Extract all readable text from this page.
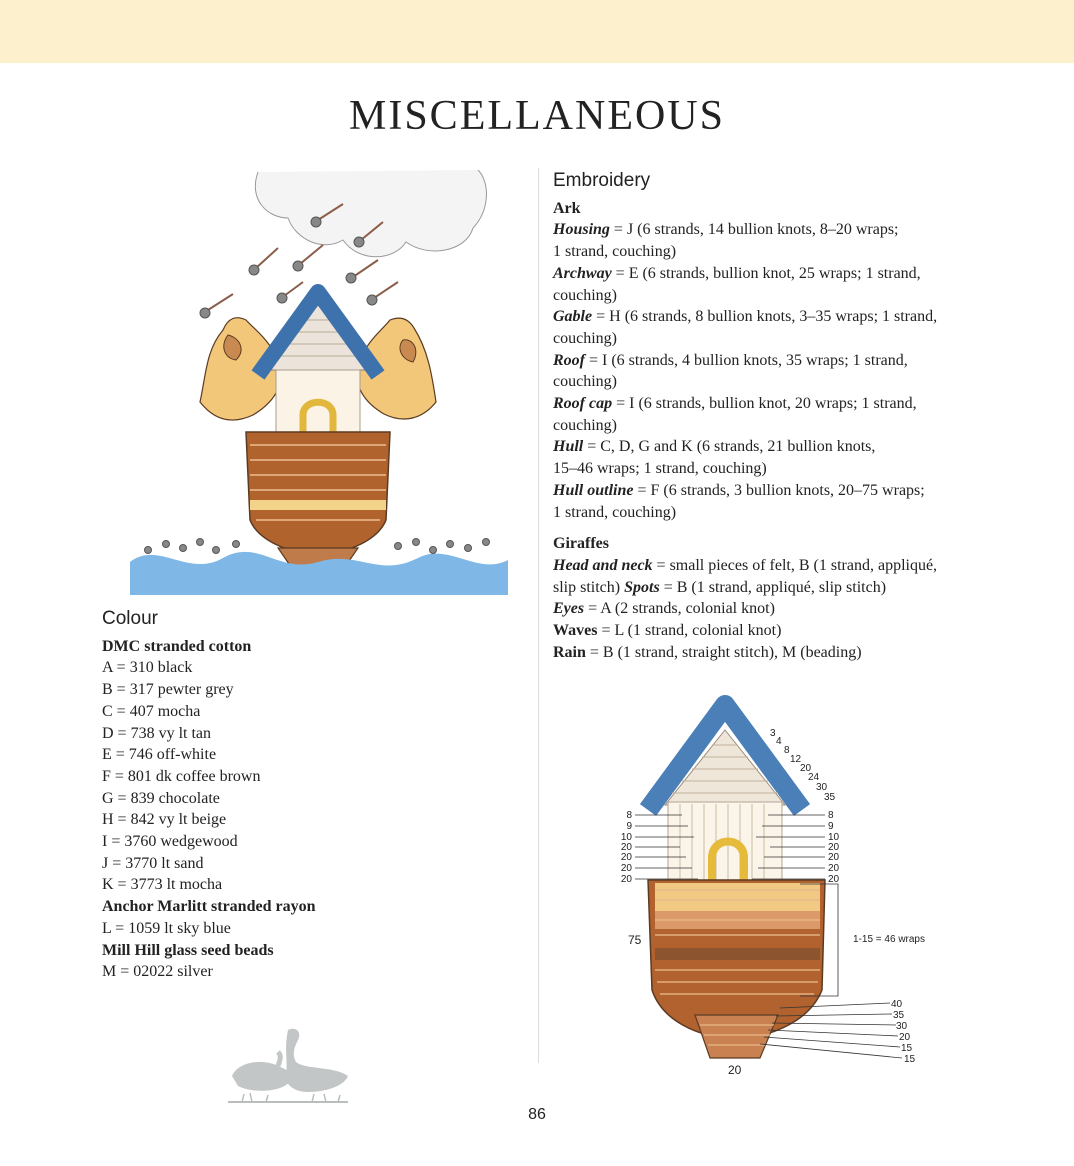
MISCELLANEOUS
Colour
DMC stranded cotton
A = 310 black
B = 317 pewter grey
C = 407 mocha
D = 738 vy lt tan
E = 746 off-white
F = 801 dk coffee brown
G = 839 chocolate
H = 842 vy lt beige
I = 3760 wedgewood
J = 3770 lt sand
K = 3773 lt mocha
Anchor Marlitt stranded rayon
L = 1059 lt sky blue
Mill Hill glass seed beads
M = 02022 silver
Embroidery
Ark

Housing = J (6 strands, 14 bullion knots, 8–20 wraps;
1 strand, couching)

Archway = E (6 strands, bullion knot, 25 wraps; 1 strand,
couching)

Gable = H (6 strands, 8 bullion knots, 3–35 wraps; 1 strand,
couching)

Roof = I (6 strands, 4 bullion knots, 35 wraps; 1 strand,
couching)

Roof cap = I (6 strands, bullion knot, 20 wraps; 1 strand,
couching)

Hull = C, D, G and K (6 strands, 21 bullion knots,
15–46 wraps; 1 strand, couching)

Hull outline = F (6 strands, 3 bullion knots, 20–75 wraps;
1 strand, couching)

Giraffes

Head and neck = small pieces of felt, B (1 strand, appliqué,
slip stitch) Spots = B (1 strand, appliqué, slip stitch)

Eyes = A (2 strands, colonial knot)

Waves = L (1 strand, colonial knot)

Rain = B (1 strand, straight stitch), M (beading)

3
4
8
12
20
24
30
35
8
9
10
20
20
20
20
8
9
10
20
20
20
20
75	1-15 = 46 wraps
40
35
30
20
15
15
20
86
